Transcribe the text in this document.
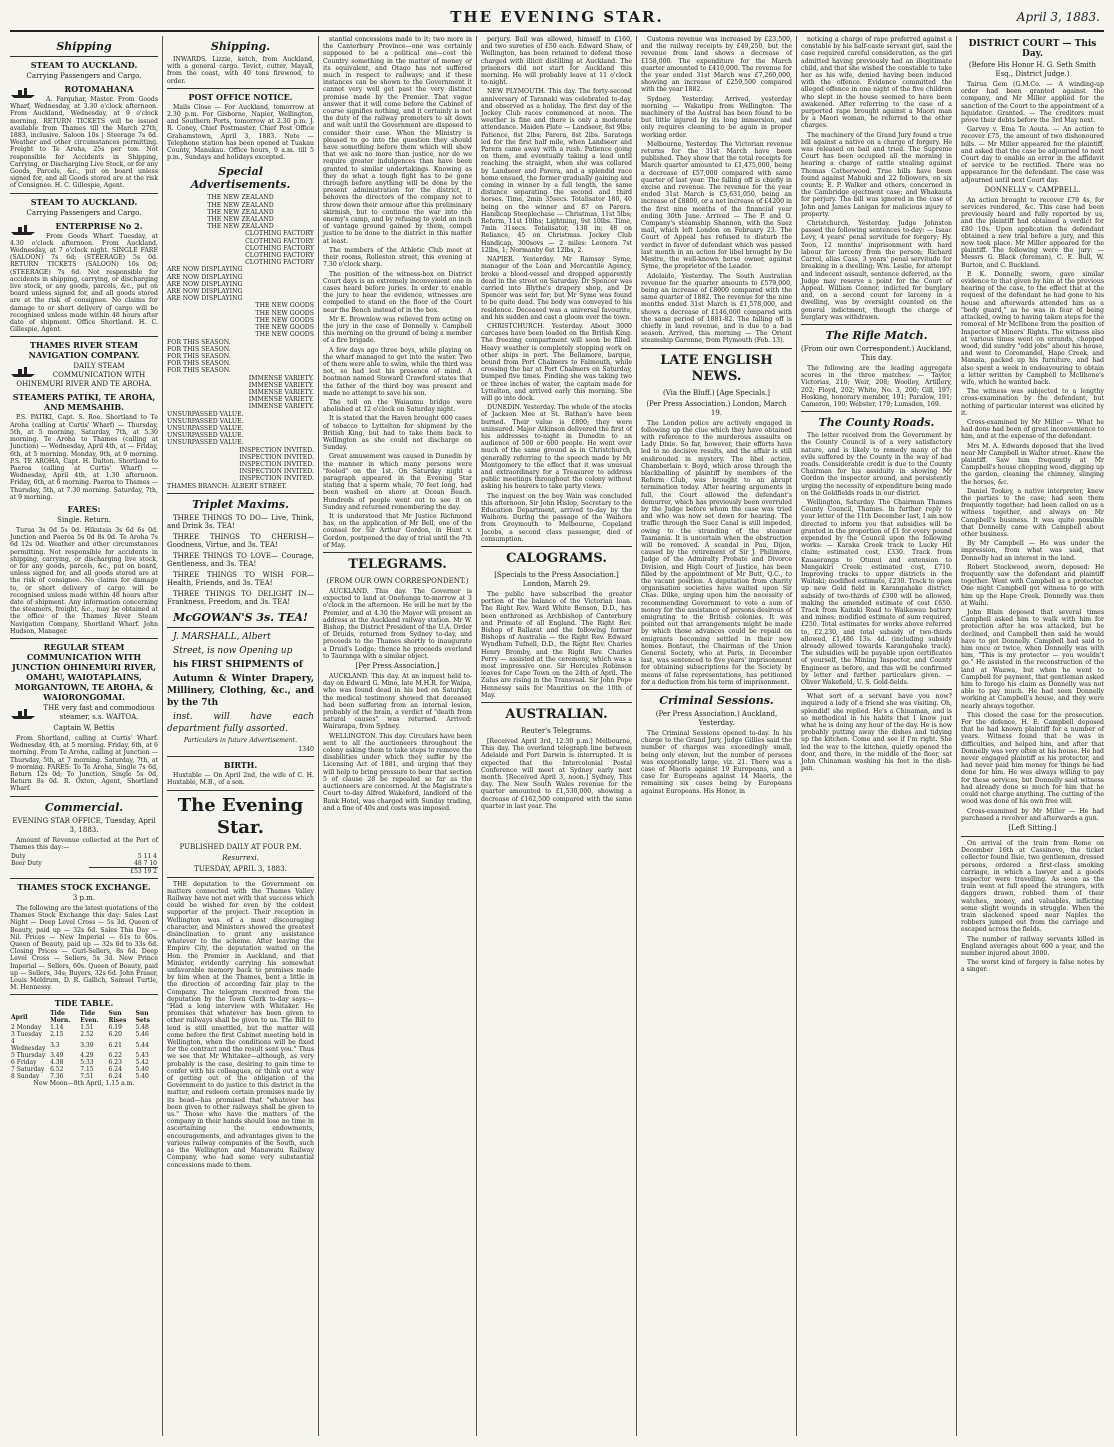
THE EVENING STAR.	April 3, 1883.
Shipping
STEAM TO AUCKLAND.
Carrying Passengers and Cargo.
ROTOMAHANA

A. Farquhar, Master. From Goods Wharf, Wednesday, at 3.30 o'clock afternoon. From Auckland, Wednesday, at 9 o'clock morning. RETURN TICKETS will be issued available from Thames till the March 27th, 1883, inclusive. Saloon 10s | Steerage 7s 6d. Weather and other circumstances permitting. Freight to Te Aroha, 25s per ton. Not responsible for Accidents in Shipping, Carrying, or Discharging Live Stock, or for any Goods, Parcels, &c., put on board unless signed for, and all Goods stored are at the risk of Consignee. H. C. Gillespie, Agent.

STEAM TO AUCKLAND.
Carrying Passengers and Cargo.
ENTERPRISE No 2.

From Goods Wharf. Tuesday, at 4.30 o'clock afternoon. From Auckland, Wednesday, at 7 o'clock night. SINGLE FARE (SALOON) 7s 6d; (STEERAGE) 5s 0d. RETURN TICKETS (SALOON) 10s 0d; (STEERAGE) 7s 6d. Not responsible for accidents in shipping, carrying, or discharging live stock, or any goods, parcels, &c., put on board unless signed for, and all goods stored are at the risk of consignee. No claims for damage to or short delivery of cargo will be recognised unless made within 48 hours after date of shipment. Office Shortland. H. C. Gillespie, Agent.

THAMES RIVER STEAM NAVIGATION COMPANY.
DAILY STEAM COMMUNICATION WITH OHINEMURI RIVER AND TE AROHA.
STEAMERS PATIKI, TE AROHA, AND MEMSAHIB.

P.S. PATIKI, Capt. S. Roe. Shortland to Te Aroha (calling at Curtis' Wharf) — Thursday, 5th, at 5 morning. Saturday, 7th, at 5.30 morning. Te Aroha to Thames (calling at Junction) — Wednesday, April 4th, at — Friday, 6th, at 5 morning. Monday, 9th, at 9 morning. P.S. TE AROHA, Capt. H. Dalton. Shortland to Paeroa (calling at Curtis' Wharf) — Wednesday, April 4th, at 1.30 afternoon. Friday, 6th, at 6 morning. Paeroa to Thames — Thursday, 5th, at 7.30 morning. Saturday, 7th, at 9 morning.

FARES:
Single. Return.

Turua 3s 0d 5s 0d. Hikutaia 3s 6d 6s 0d. Junction and Paeroa 5s 0d 8s 0d. Te Aroha 7s 6d 12s 0d. Weather and other circumstances permitting. Not responsible for accidents in shipping, carrying, or discharging live stock, or for any goods, parcels, &c., put on board, unless signed for, and all goods stored are at the risk of consignee. No claims for damage to, or short delivery of cargo will be recognised unless made within 48 hours after date of shipment. Any information concerning the steamers, freight, &c., may be obtained at the office of the Thames River Steam Navigation Company, Shortland Wharf. John Hudson, Manager.

REGULAR STEAM COMMUNICATION WITH JUNCTION OHINEMURI RIVER, OMAHU, WAIOTAPLAINS, MORGANTOWN, TE AROHA, & WAIORONGOMAI.
THE very fast and commodious steamer, s.s. WAITOA.
Captain W. Bettis

From Shortland, calling at Curtis' Wharf. Wednesday, 4th, at 5 morning. Friday, 6th, at 6 morning. From Te Aroha, calling at Junction — Thursday, 5th, at 7 morning. Saturday, 7th, at 9 morning. FARES: To Te Aroha, Single 7s 6d, Return 12s 0d; To Junction, Single 5s 0d, Return 8s 0d. R. Oxton, Agent, Shortland Wharf.

Commercial.
EVENING STAR OFFICE, Tuesday, April 3, 1883.

Amount of Revenue collected at the Port of Thames this day:—

Duty	5 11 4
Beer Duty	48 7 10
	£53 19 2
THAMES STOCK EXCHANGE.
3 p.m.

The following are the latest quotations of the Thames Stock Exchange this day: Sales Last Night — Deep Level Cross — 5s 3d. Queen of Beauty, paid up — 32s 6d. Sales This Day — Nil. Prices — New Imperial — 61s to 60s. Queen of Beauty, paid up — 32s 6d to 33s 6d. Closing Prices — Gurl-Sellers, 8s 6d. Deep Level Cross — Sellers, 5s 3d. New Prince Imperial — Sellers, 60s. Queen of Beauty, paid up — Sellers, 34s; Buyers, 32s 6d. John Fraser, Louis Meldrum, D. R. Gallich, Samuel Turtle, M. Hennessy.

TIDE TABLE.
April	Tide Morn.	Tide Even.	Sun Rises	Sun Sets
2 Monday	1.14	1.51	6.19	5.48
3 Tuesday	2.15	2.52	6.20	5.46
4 Wednesday	3.3	3.39	6.21	5.44
5 Thursday	3.49	4.29	6.22	5.43
6 Friday	4.38	5.33	6.23	5.42
7 Saturday	6.52	7.15	6.24	5.40
8 Sunday	7.36	7.51	6.24	5.40

New Moon—8th April, 1.15 a.m.

Shipping.

INWARDS. Lizzie, ketch, from Auckland, with a general cargo. Tevict, cutter, Mayall, from the coast, with 40 tons firewood, to order.

POST OFFICE NOTICE.

Mails Close — For Auckland, tomorrow at 2.30 p.m. For Gisborne, Napier, Wellington, and Southern Ports, tomorrow at 2.30 p.m. J. R. Coney, Chief Postmaster. Chief Post Office Grahamstown, April 3, 1883. Note — Telephone station has been opened at Tuakau County, Manukau. Office hours, 9 a.m. till 5 p.m., Sundays and holidays excepted.

Special Advertisements.
THE NEW ZEALAND
THE NEW ZEALAND
THE NEW ZEALAND
THE NEW ZEALAND
THE NEW ZEALAND
CLOTHING FACTORY
CLOTHING FACTORY
CLOTHING FACTORY
CLOTHING FACTORY
CLOTHING FACTORY
ARE NOW DISPLAYING
ARE NOW DISPLAYING
ARE NOW DISPLAYING
ARE NOW DISPLAYING
ARE NOW DISPLAYING
THE NEW GOODS
THE NEW GOODS
THE NEW GOODS
THE NEW GOODS
THE NEW GOODS
FOR THIS SEASON.
FOR THIS SEASON.
FOR THIS SEASON.
FOR THIS SEASON.
FOR THIS SEASON.
IMMENSE VARIETY.
IMMENSE VARIETY.
IMMENSE VARIETY.
IMMENSE VARIETY.
IMMENSE VARIETY.
UNSURPASSED VALUE.
UNSURPASSED VALUE.
UNSURPASSED VALUE.
UNSURPASSED VALUE.
UNSURPASSED VALUE.
INSPECTION INVITED.
INSPECTION INVITED.
INSPECTION INVITED.
INSPECTION INVITED.
INSPECTION INVITED.
THAMES BRANCH: ALBERT STREET.
Triplet Maxims.

THREE THINGS TO DO— Live, Think, and Drink 3s. TEA!

THREE THINGS TO CHERISH— Goodness, Virtue, and 3s. TEA!

THREE THINGS TO LOVE— Courage, Gentleness, and 3s. TEA!

THREE THINGS TO WISH FOR— Health, Friends, and 3s. TEA!

THREE THINGS TO DELIGHT IN— Frankness, Freedom, and 3s. TEA!

McGOWAN'S 3s. TEA!

J. MARSHALL, Albert

Street, is now Opening up

his FIRST SHIPMENTS of

Autumn & Winter Drapery, Millinery, Clothing, &c., and by the 7th

inst. will have each department fully assorted.

Particulars in future Advertisement.

1340
BIRTH.

Huxtable — On April 2nd, the wife of C. H. Huxtable, M.B., of a son.

The Evening Star.
PUBLISHED DAILY AT FOUR P.M.
Resurrexi.
TUESDAY, APRIL 3, 1883.

THE deputation to the Government on matters connected with the Thames Valley Railway have not met with that success which could be wished for even by the coldest supporter of the project. Their reception in Wellington was of a most discouraging character, and Ministers showed the greatest disinclination to grant any assistance whatever to the scheme. After leaving the Empire City, the deputation waited on the Hon. the Premier in Auckland, and that Minister, evidently carrying his somewhat unfavorable memory back to promises made by him when at the Thames, bent a little in the direction of according fair play to the Company. The telegram received from the deputation by the Town Clerk to-day says:— "Had a long interview with Whitaker. He promises that whatever has been given to other railways shall be given to us. The Bill to lend is still unsettled, but the matter will come before the first Cabinet meeting held in Wellington, when the conditions will be fixed for the contract and the result sent you." Thus we see that Mr Whitaker—although, as very probably is the case, desiring to gain time to confer with his colleagues, or think out a way of getting out of the obligation of the Government to do justice to this district in the matter, and redeem certain promises made by its head—has promised that "whatever has been given to other railways shall be given to us." Those who have the matters of the company in their hands should lose no time in ascertaining the endowments, encouragements, and advantages given to the various railway companies of the South, such as the Wellington and Manawatu Railway Company, who had some very substantial concessions made to them.

stantial concessions made to it; two more in the Canterbury Province—one was certainly supposed to be a political one—cost the Country something in the matter of money or its equivalent, and Otago has not suffered much in respect to railways; and if these instances can be shown to the Government it cannot very well get past the very distinct promise made by the Premier. That vague answer that it will come before the Cabinet of course signifies nothing, and it certainly is not the duty of the railway promoters to sit down and wait until the Government are disposed to consider their case. When the Ministry is pleased to go into the question they should have something before them which will show that we ask no more than justice, nor do we require greater indulgences than have been granted to similar undertakings. Knowing as they do what a tough fight has to be gone through before anything will be done by the present administration for the district, it behoves the directors of the company not to throw down their armour after this preliminary skirmish, but to continue the war into the enemy's camp, and by refusing to yield an inch of vantage ground gained by them, compel justice to be done to the district in this matter at least.

The members of the Athletic Club meet at their rooms, Rolleston street, this evening at 7.30 o'clock sharp.

The position of the witness-box on District Court days is an extremely inconvenient one in cases heard before juries. In order to enable the jury to hear the evidence, witnesses are compelled to stand on the floor of the Court near the Bench instead of in the box.

Mr E. Brownlow was relieved from acting on the jury in the case of Donnelly v. Campbell this morning on the ground of being a member of a fire brigade.

A few days ago three boys, while playing on the wharf managed to get into the water. Two of them were able to swim, while the third was not, so had lost his presence of mind. A boatman named Steward Crawford states that the father of the third boy was present and made no attempt to save his son.

The toll on the Waiaumu bridge were abolished at 12 o'clock on Saturday night.

It is stated that the Haven brought 600 cases of tobacco to Lyttelton for shipment by the British King, but had to take them back to Wellington as she could not discharge on Sunday.

Great amusement was caused in Dunedin by the manner in which many persons were "fooled" on the 1st. On Saturday night a paragraph appeared in the Evening Star stating that a sperm whale, 70 feet long, had been washed on shore at Ocean Beach. Hundreds of people went out to see it on Sunday and returned remembering the day.

It is understood that Mr Justice Richmond has, on the application of Mr Bell, one of the counsel for Sir Arthur Gordon, in Hunt v. Gordon, postponed the day of trial until the 7th of May.

TELEGRAMS.
(FROM OUR OWN CORRESPONDENT.)

AUCKLAND. This day. The Governor is expected to land at Onehunga to-morrow at 3 o'clock in the afternoon. He will be met by the Premier, and at 4.30 the Mayor will present an address at the Auckland railway station. Mr W. Bishop, the District President of the U.A. Order of Druids, returned from Sydney to-day, and proceeds to the Thames shortly to inaugurate a Druid's Lodge; thence he proceeds overland to Tauranga with a similar object.

[Per Press Association.]

AUCKLAND. This day. At an inquest held to-day on Edward G. Mino, late M.H.R. for Waipa, who was found dead in his bed on Saturday, the medical testimony showed that deceased had been suffering from an internal lesion, probably of the brain, a verdict of "death from natural causes" was returned. Arrived: Wairarapa, from Sydney.

WELLINGTON. This day. Circulars have been sent to all the auctioneers throughout the colony asking them to take steps to remove the disabilities under which they suffer by the Licensing Act of 1881, and urging that they will help to bring pressure to bear that section 5 of clause 28 be repealed so far as the auctioneers are concerned. At the Magistrate's Court to-day Alfred Wakeford, landlord of the Bank Hotel, was charged with Sunday trading, and a fine of 40s and costs was imposed.

perjury. Bail was allowed, himself in £160, and two sureties of £50 each. Edward Shaw, of Wellington, has been retained to defend those charged with illicit distilling at Auckland. The prisoners did not start for Auckland this morning. He will probably leave at 11 o'clock to-night.

NEW PLYMOUTH. This day. The forty-second anniversary of Taranaki was celebrated to-day, and observed as a holiday. The first day of the Jockey Club races commenced at noon. The weather is fine and there is only a moderate attendance. Maiden Plate — Landseer, 8st 9lbs; Patience, 8st 2lbs; Parera, 8st 2lbs. Saratoga led for the first half mile, when Landseer and Parera came away with a rush. Patience going on them, and eventually taking a lead until reaching the straight, when she was collared by Landseer and Parera, and a splendid race home ensued, the former gradually gaining and coming in winner by a full length, the same distance separating the second and third horses. Time, 2min 35secs. Totalisator 180, 40 being on the winner and 87 on Parera. Handicap Steeplechase — Christmas, 11st 5lbs; Reform, 11st 10lbs; Lightning, 9st 10lbs. Time, 7min 31secs. Totalisator, 138 in; 48 on Reliance, 45 on Christmas. Jockey Club Handicap, 300sovs — 2 miles: Leonora 7st 12lbs, 1; Normanby 6st 12lbs, 2.

NAPIER. Yesterday. Mr Ramsay Syme, manager of the Loan and Mercantile Agency, broke a blood-vessel and dropped apparently dead in the street on Saturday. Dr Spencer was carried into Blythe's drapery shop, and Dr Spencer was sent for; but Mr Syme was found to be quite dead. The body was conveyed to his residence. Deceased was a universal favourite, and his sudden and cast a gloom over the town.

CHRISTCHURCH. Yesterday. About 3000 carcases have been loaded on the British King. The freezing compartment will soon be filled. Heavy weather is completely stopping work on other ships in port. The Bellamore, barque, bound from Port Chalmers to Falmouth, while crossing the bar at Port Chalmers on Saturday, bumped five times. Finding she was taking two or three inches of water, the captain made for Lyttelton, and arrived early this morning. She will go into dock.

DUNEDIN. Yesterday. The whole of the stocks of Jackson Mee at St. Bathan's have been burned. Their value is £800; they were uninsured. Major Atkinson delivered the first of his addresses to-night in Dunedin to an audience of 500 or 600 people. He went over much of the same ground as in Christchurch, generally referring to the speech made by Mr Montgomery to the effect that it was unusual and extraordinary for a Treasurer to address public meetings throughout the colony without asking his hearers to take party views.

The inquest on the boy Wain was concluded this afternoon. Sir John Hislop, Secretary to the Education Department, arrived to-day by the Waihora. During the passage of the Waihora from Greymouth to Melbourne, Copeland Jacobs, a second class passenger, died of consumption.

CALOGRAMS.
[Specials to the Press Association.] London, March 29.

The public have subscribed the greater portion of the balance of the Victorian loan. The Right Rev. Ward White Benson, D.D., has been enthroned as Archbishop of Canterbury and Primate of all England. The Right Rev. Bishop of Ballarat and the following former Bishops of Australia — the Right Rev. Edward Wyndham Tufnell, D.D., the Right Rev. Charles Henry Bromby, and the Right Rev. Charles Perry — assisted at the ceremony, which was a most impressive one. Sir Hercules Robinson leaves for Cape Town on the 24th of April. The Zulus are rising in the Transvaal. Sir John Pope Hennessy sails for Mauritius on the 10th of May.

AUSTRALIAN.
Reuter's Telegrams.

[Received April 3rd, 12.30 p.m.] Melbourne, This day. The overland telegraph line between Adelaide and Port Darwin is interrupted. It is expected that the Intercolonial Postal Conference will meet at Sydney early next month. [Received April 3, noon.] Sydney, This day. The New South Wales revenue for the quarter amounted to £1,530,000, showing a decrease of £162,500 compared with the same quarter in last year. The

Customs revenue was increased by £23,500, and the railway receipts by £49,250, but the revenue from land shows a decrease of £158,000. The expenditure for the March quarter amounted to £410,000. The revenue for the year ended 31st March was £7,260,000, showing an increase of £259,500 compared with the year 1882.

Sydney, Yesterday. Arrived, yesterday morning — Wakatipu from Wellington. The machinery of the Austral has been found to be but little injured by its long immersion, and only requires cleaning to be again in proper working order.

Melbourne, Yesterday. The Victorian revenue returns for the 31st March have been published. They show that the total receipts for March quarter amounted to £1,475,000, being a decrease of £57,000 compared with same quarter of last year. The falling off is chiefly in excise and revenue. The revenue for the year ended 31st March is £5,631,050, being an increase of £8800, or a net increase of £4200 in the first nine months of the financial year ending 30th June. Arrived — The P. and O. Company's steamship Shannon, with the Suez mail, which left London on February 23. The Court of Appeal has refused to disturb the verdict in favor of defendant which was passed last month in an action for libel brought by De Mestre, the well-known horse owner, against Syme, the proprietor of the Leader.

Adelaide, Yesterday. The South Australian revenue for the quarter amounts to £579,000, being an increase of £8000 compared with the same quarter of 1882. The revenue for the nine months ended 31st March is £1,578,000, and shows a decrease of £146,000 compared with the same period of 1881-82. The falling off is chiefly in land revenue, and is due to a bad season. Arrived, this morning — The Orient steamship Garonne, from Plymouth (Feb. 13).

LATE ENGLISH NEWS.
(Via the Bluff.) [Age Specials.]
(Per Press Association.) London, March 19.

The London police are actively engaged in following up the clue which they have obtained with reference to the murderous assaults on Lady Dixie. So far, however, their efforts have led to no decisive results, and the affair is still enshrouded in mystery. The libel action, Chamberlain v. Boyd, which arose through the blackballing of plaintiff by members of the Reform Club, was brought to an abrupt termination today. After hearing arguments in full, the Court allowed the defendant's demurrer, which has previously been overruled by the Judge before whom the case was tried and who was now set down for hearing. The traffic through the Suez Canal is still impeded, owing to the stranding of the steamer Tasmania. It is uncertain when the obstruction will be removed. A scandal in Pau, Dijon, caused by the retirement of Sir J. Philimore, Judge of the Admiralty Probate and Divorce Division, and High Court of Justice, has been filled by the appointment of Mr Butt, Q.C., to the vacant position. A deputation from charity organisation societies have waited upon Sir Chas. Dilke, urging upon him the necessity of recommending Government to vote a sum of money for the assistance of persons desirous of emigrating to the British colonies. It was pointed out that arrangements might be made by which those advances could be repaid on emigrants becoming settled in their new homes. Bontaut, the Chairman of the Union General Society, who at Paris, in December last, was sentenced to five years' imprisonment for obtaining subscriptions for the Society by means of false representations, has petitioned for a deduction from his term of imprisonment.

Criminal Sessions.
(Per Press Association.) Auckland, Yesterday.

The Criminal Sessions opened to-day. In his charge to the Grand Jury, Judge Gillies said the number of charges was exceedingly small, being only eleven, but the number of persons was exceptionally large, viz. 21. There was a case of Maoris against 19 Europeans, and a case for Europeans against 14 Maoris, the remaining six cases being by Europeans against Europeans. His Honor, in

noticing a charge of rape preferred against a constable by his half-caste servant girl, said the case required careful consideration, as the girl admitted having previously had an illegitimate child, and that she wished the constable to take her as his wife, denied having been induced with the offence. Evidence committed the alleged offence in one night of the five children who slept in the house seemed to have been awakened. After referring to the case of a purported rape brought against a Maori man by a Maori woman, he referred to the other charges.

The machinery of the Grand Jury found a true bill against a native on a charge of forgery. He was released on bail and tried. The Supreme Court has been occupied all the morning in hearing a charge of cattle stealing against Thomas Catherwood. True bills have been found against Mabuki and 22 followers, on six counts; E. P. Walker and others, concerned in the Cambridge ejectment case; and Whakauta for perjury. The bill was ignored in the case of John and James Lanigan for malicious injury to property.

Christchurch, Yesterday. Judge Johnston passed the following sentences to-day: — Isaac Levy, 4 years' penal servitude for forgery; Hy. Toon, 12 months' imprisonment with hard labour for larceny from the person; Richard Carrol, alias Cass, 3 years' penal servitude for breaking in a dwelling; Wm. Leslie, for attempt and indecent assault, sentence deferred, as the Judge may reserve a point for the Court of Appeal. William Connor, indicted for burglary and, on a second count for larceny in a dwelling, was by oversight counted on the general indictment, though the charge of burglary was withdrawn.

The Rifle Match.
(From our own Correspondent.) Auckland, This day.

The following are the leading aggregate scores in the three matches: — Taylor, Victorias, 210; Weir, 208; Woolley, Artillery, 202; Floyd, 202; White, No. 3, 200; Gill, 197; Hosking, honorary member, 191; Paralow, 191; Cameron, 190; Webster, 179; Lumsden, 169.

The County Roads.

The letter received from the Government by the County Council is of a very satisfactory nature, and is likely to remedy many of the evils suffered by the County in the way of bad roads. Considerable credit is due to the County Chairman for his assiduity in showing Mr Gordon the inspector around, and persistently urging the necessity of expenditure being made on the Goldfields roads in our district.

Wellington, Saturday. The Chairman Thames County Council, Thames. In further reply to your letter of the 11th December last, I am now directed to inform you that subsidies will be granted in the proportion of £1 for every pound expended by the Council upon the following works: — Karaka Creek track to Lucky Hit claim; estimated cost, £330. Track from Kauaeranga to Otunui and extension to Mangakiri Creek; estimated cost, £710. Improving tracks to upper districts in the Waitaki; modified estimate, £230. Track to open up new Gold field in Karangahake district; subsidy of two-thirds of £300 will be allowed, making the amended estimate of cost £650. Track from Kaitaki Road to Waikawau battery and mines; modified estimate of sum required, £250. Total estimates for works above referred to, £2,230, and total subsidy of two-thirds allowed, £1,486 13s. 4d. (including subsidy already allowed towards Karangahake track). The subsidies will be payable upon certificates of yourself, the Mining Inspector, and County Engineer as before, and this will be confirmed by letter and further particulars given. — Oliver Wakefield, U. S. Gold-fields.

What sort of a servant have you now? inquired a lady of a friend she was visiting. Oh, splendid! she replied. He's a Chinaman, and is so methodical in his habits that I know just what he is doing any hour of the day. He is now probably putting away the dishes and tidying up the kitchen. Come and see if I'm right. She led the way to the kitchen, quietly opened the door, and there, in the middle of the floor, sat John Chinaman washing his feet in the dish-pan.

DISTRICT COURT — This Day.
(Before His Honor H. G. Seth Smith Esq., District Judge.)

Tairua Gem (G.M.Co. — A winding-up order had been granted against the company, and Mr Miller applied for the sanction of the Court to the appointment of a liquidator. Granted. — The creditors must prove their debts before the 3rd May next.

Garvey v. Ema Te Aouta. — An action to recover £75, the amount of two dishonoured bills. — Mr Miller appeared for the plaintiff, and asked that the case be adjourned to next Court day to enable an error in the affidavit of service to be rectified. There was no appearance for the defendant. The case was adjourned until next Court day.

DONNELLY v. CAMPBELL.

An action brought to recover £79 4s, for services rendered, &c. This case had been previously heard and fully reported by us, and the plaintiff had obtained a verdict for £80 10s. Upon application the defendant obtained a new trial before a jury, and this now took place. Mr Miller appeared for the plaintiff. The following were the jury: — Messrs G. Black (foreman), C. E. Bull, W. Burton, and C. Buckland.

P. K. Donnelly, sworn, gave similar evidence to that given by him at the previous hearing of the case, to the effect that at the request of the defendant he had gone to his house and afterwards attended him as a "body guard," as he was in fear of being attacked, owing to having taken steps for the removal of Mr McIlhone from the position of Inspector of Miners' Rights. The witness also at various times went on errands, chopped wood, did sundry "odd jobs" about his house, and went to Coromandel, Hape Creek, and Manaia, packed up his furniture, and had also spent a week in endeavouring to obtain a letter written by Campbell to McIlhone's wife, which he wanted back.

The witness was subjected to a lengthy cross-examination by the defendant, but nothing of particular interest was elicited by it.

Cross-examined by Mr Miller — What he had done had been of great inconvenience to him, and at the expense of the defendant.

Mrs M. A. Edwards deposed that she lived near Mr Campbell in Walter street. Knew the plaintiff. Saw him frequently at Mr Campbell's house chopping wood, digging up the garden, cleaning the chimney, slinging the horses, &c.

Daniel Tookey, a native interpreter, knew the parties to the case; had seen them frequently together; had been called on as a witness together, and always on Mr Campbell's business. It was quite possible that Donnelly came with Campbell about other business.

By Mr Campbell — He was under the impression, from what was said, that Donnelly had an interest in the land.

Robert Stockwood, sworn, deposed: He frequently saw the defendant and plaintiff together. Went with Campbell as a protector. One night Campbell got witness to go with him up the Hape Creek. Donnelly was then at Waihi.

John Blain deposed that several times Campbell asked him to walk with him for protection after he was attacked, but he declined, and Campbell then said he would have to get Donnelly. Campbell had said to him once or twice, when Donnelly was with him, "This is my protector — you wouldn't go." He assisted in the reconstruction of the land at Waawa, but when he went to Campbell for payment, that gentleman asked him to forego his claim as Donnelly was not able to pay much. He had seen Donnelly working at Campbell's house, and they were nearly always together.

This closed the case for the prosecution. For the defence, H. E. Campbell deposed that he had known plaintiff for a number of years. Witness found that he was in difficulties, and helped him, and after that Donnelly was very often at his house. He had never engaged plaintiff as his protector, and had never paid him money for things he had done for him. He was always willing to pay for these services, but Donnelly said witness had already done so much for him that he could not charge anything. The cutting of the wood was done of his own free will.

Cross-examined by Mr Miller — He had purchased a revolver and afterwards a gun.

[Left Sitting.]

On arrival of the train from Rome on December 16th at Cassinovo, the ticket collector found Ilsie, two gentlemen, dressed persons, ordered a first-class smoking carriage, in which a lawyer and a goods inspector were travelling. As soon as the train went at full speed the strangers, with daggers drawn, robbed them of their watches, money, and valuables, inflicting some slight wounds in struggle. When the train slackened speed near Naples the robbers jumped out from the carriage and escaped across the fields.

The number of railway servants killed in England averages about 600 a year, and the number injured about 3000.

The worst kind of forgery is false notes by a singer.
